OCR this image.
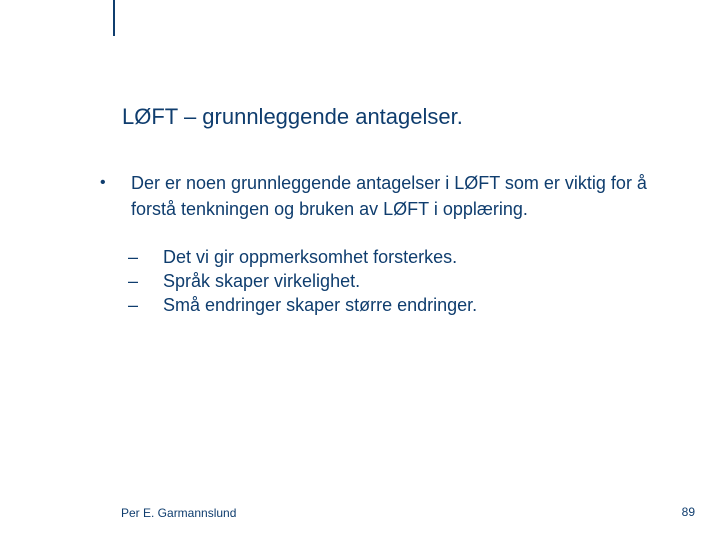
LØFT – grunnleggende antagelser.
• Der er noen grunnleggende antagelser i LØFT som er viktig for å forstå tenkningen og bruken av LØFT i opplæring.
– Det vi gir oppmerksomhet forsterkes.
– Språk skaper virkelighet.
– Små endringer skaper større endringer.
Per E. Garmannslund	89
